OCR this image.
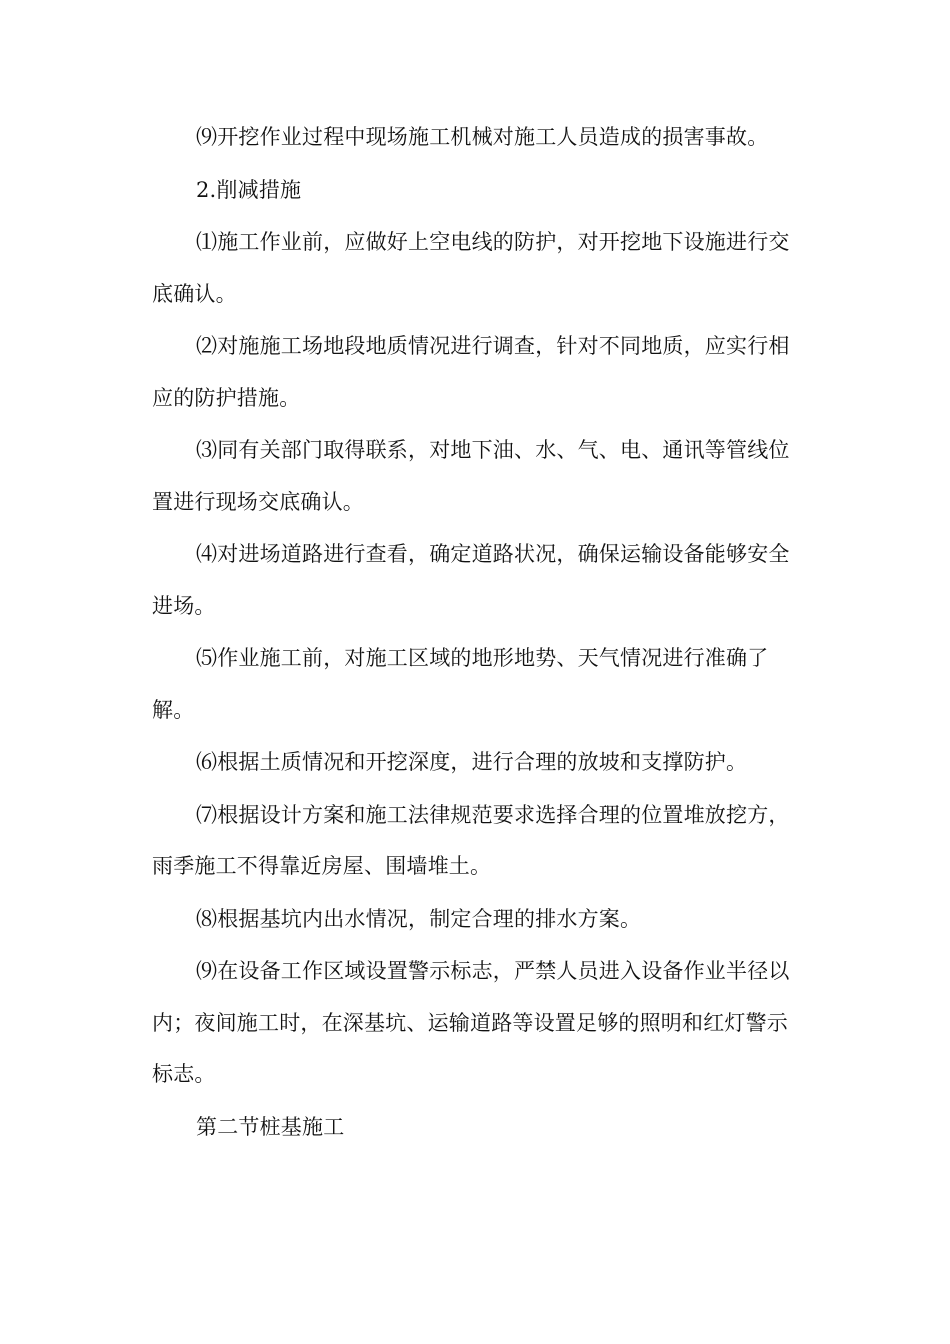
⑼开挖作业过程中现场施工机械对施工人员造成的损害事故。

2.削减措施

⑴施工作业前，应做好上空电线的防护，对开挖地下设施进行交底确认。

⑵对施施工场地段地质情况进行调查，针对不同地质，应实行相应的防护措施。

⑶同有关部门取得联系，对地下油、水、气、电、通讯等管线位置进行现场交底确认。

⑷对进场道路进行查看，确定道路状况，确保运输设备能够安全进场。

⑸作业施工前，对施工区域的地形地势、天气情况进行准确了解。

⑹根据土质情况和开挖深度，进行合理的放坡和支撑防护。

⑺根据设计方案和施工法律规范要求选择合理的位置堆放挖方，雨季施工不得靠近房屋、围墙堆土。

⑻根据基坑内出水情况，制定合理的排水方案。

⑼在设备工作区域设置警示标志，严禁人员进入设备作业半径以内；夜间施工时，在深基坑、运输道路等设置足够的照明和红灯警示标志。

第二节桩基施工
